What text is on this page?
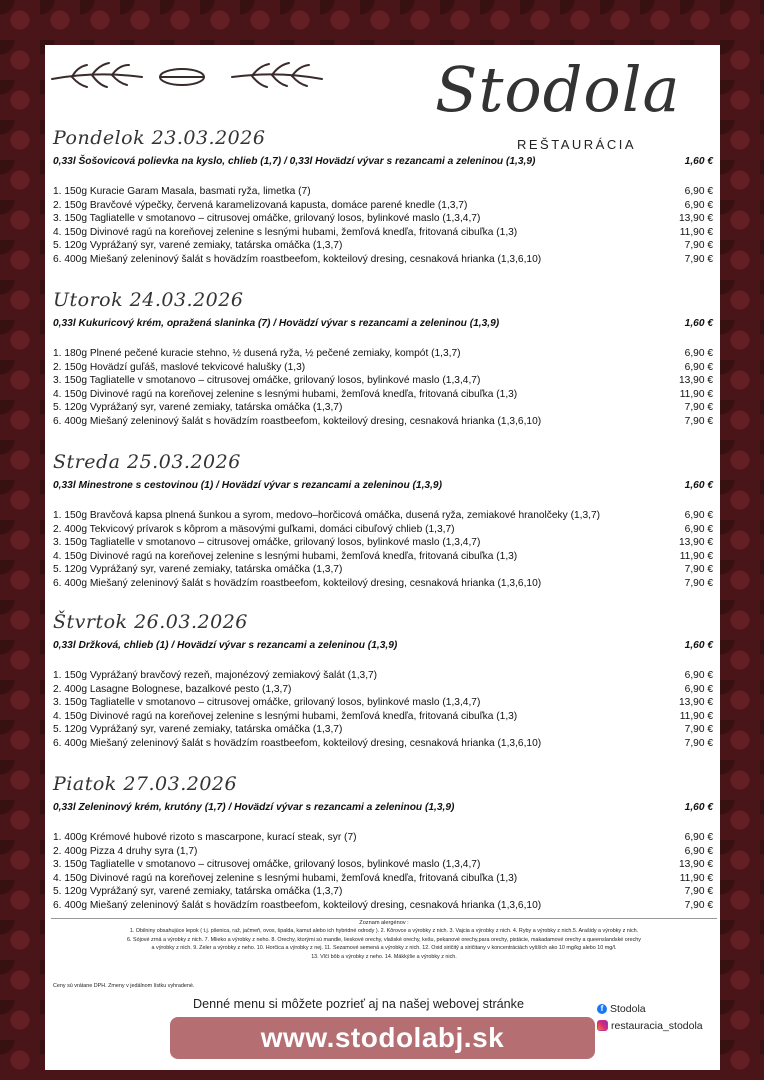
Stodola
REŠTAURÁCIA
Pondelok 23.03.2026
0,33l Šošovicová polievka na kyslo, chlieb (1,7) / 0,33l Hovädzí vývar s rezancami a zeleninou (1,3,9)	1,60 €
1. 150g Kuracie Garam Masala, basmati ryža, limetka (7)	6,90 €
2. 150g Bravčové výpečky, červená karamelizovaná kapusta, domáce parené knedle (1,3,7)	6,90 €
3. 150g Tagliatelle v smotanovo – citrusovej omáčke, grilovaný losos, bylinkové maslo (1,3,4,7)	13,90 €
4. 150g Divinové ragú na koreňovej zelenine s lesnými hubami, žemľová knedľa, fritovaná cibuľka (1,3)	11,90 €
5. 120g Vyprážaný syr, varené zemiaky, tatárska omáčka (1,3,7)	7,90 €
6. 400g Miešaný zeleninový šalát s hovädzím roastbeefom, kokteilový dresing, cesnaková hrianka (1,3,6,10)	7,90 €
Utorok 24.03.2026
0,33l Kukuricový krém, opražená slaninka (7) / Hovädzí vývar s rezancami a zeleninou (1,3,9)	1,60 €
1. 180g Plnené pečené kuracie stehno, ½ dusená ryža, ½ pečené zemiaky, kompót (1,3,7)	6,90 €
2. 150g Hovädzí guľáš, maslové tekvicové halušky (1,3)	6,90 €
3. 150g Tagliatelle v smotanovo – citrusovej omáčke, grilovaný losos, bylinkové maslo (1,3,4,7)	13,90 €
4. 150g Divinové ragú na koreňovej zelenine s lesnými hubami, žemľová knedľa, fritovaná cibuľka (1,3)	11,90 €
5. 120g Vyprážaný syr, varené zemiaky, tatárska omáčka (1,3,7)	7,90 €
6. 400g Miešaný zeleninový šalát s hovädzím roastbeefom, kokteilový dresing, cesnaková hrianka (1,3,6,10)	7,90 €
Streda 25.03.2026
0,33l Minestrone s cestovinou (1) / Hovädzí vývar s rezancami a zeleninou (1,3,9)	1,60 €
1. 150g Bravčová kapsa plnená šunkou a syrom, medovo–horčicová omáčka, dusená ryža, zemiakové hranolčeky (1,3,7)	6,90 €
2. 400g Tekvicový prívarok s kôprom a mäsovými guľkami, domáci cibuľový chlieb (1,3,7)	6,90 €
3. 150g Tagliatelle v smotanovo – citrusovej omáčke, grilovaný losos, bylinkové maslo (1,3,4,7)	13,90 €
4. 150g Divinové ragú na koreňovej zelenine s lesnými hubami, žemľová knedľa, fritovaná cibuľka (1,3)	11,90 €
5. 120g Vyprážaný syr, varené zemiaky, tatárska omáčka (1,3,7)	7,90 €
6. 400g Miešaný zeleninový šalát s hovädzím roastbeefom, kokteilový dresing, cesnaková hrianka (1,3,6,10)	7,90 €
Štvrtok 26.03.2026
0,33l Držková, chlieb (1) / Hovädzí vývar s rezancami a zeleninou (1,3,9)	1,60 €
1. 150g Vyprážaný bravčový rezeň, majonézový zemiakový šalát (1,3,7)	6,90 €
2. 400g Lasagne Bolognese, bazalkové pesto (1,3,7)	6,90 €
3. 150g Tagliatelle v smotanovo – citrusovej omáčke, grilovaný losos, bylinkové maslo (1,3,4,7)	13,90 €
4. 150g Divinové ragú na koreňovej zelenine s lesnými hubami, žemľová knedľa, fritovaná cibuľka (1,3)	11,90 €
5. 120g Vyprážaný syr, varené zemiaky, tatárska omáčka (1,3,7)	7,90 €
6. 400g Miešaný zeleninový šalát s hovädzím roastbeefom, kokteilový dresing, cesnaková hrianka (1,3,6,10)	7,90 €
Piatok 27.03.2026
0,33l Zeleninový krém, krutóny (1,7) / Hovädzí vývar s rezancami a zeleninou (1,3,9)	1,60 €
1. 400g Krémové hubové rizoto s mascarpone, kurací steak, syr (7)	6,90 €
2. 400g Pizza 4 druhy syra (1,7)	6,90 €
3. 150g Tagliatelle v smotanovo – citrusovej omáčke, grilovaný losos, bylinkové maslo (1,3,4,7)	13,90 €
4. 150g Divinové ragú na koreňovej zelenine s lesnými hubami, žemľová knedľa, fritovaná cibuľka (1,3)	11,90 €
5. 120g Vyprážaný syr, varené zemiaky, tatárska omáčka (1,3,7)	7,90 €
6. 400g Miešaný zeleninový šalát s hovädzím roastbeefom, kokteilový dresing, cesnaková hrianka (1,3,6,10)	7,90 €
Zoznam alergénov :
1. Obilniny obsahujúce lepok ( t.j. pšenica, raž, jačmeň, ovos, špalda, kamut alebo ich hybridné odrody ). 2. Kôrovce a výrobky z nich. 3. Vajcia a výrobky z nich. 4. Ryby a výrobky z nich.5. Arašidy a výrobky z nich.
6. Sójové zrná a výrobky z nich. 7. Mlieko a výrobky z neho. 8. Orechy, ktorými sú mandle, lieskové orechy, vlašské orechy, kešu, pekanové orechy,para orechy, pistácie, makadamové orechy a queenslandské orechy
a výrobky z nich. 9. Zeler a výrobky z neho. 10. Horčica a výrobky z nej. 11. Sezamové semená a výrobky z nich. 12. Oxid siričitý a siričitany v koncentráciách vyšších ako 10 mg/kg alebo 10 mg/l.
13. Vlčí bôb a výrobky z neho. 14. Mäkkýše a výrobky z nich.
Ceny sú vrátane DPH. Zmeny v jedálnom lístku vyhradené.
Denné menu si môžete pozrieť aj na našej webovej stránke
www.stodolabj.sk
f Stodola
restauracia_stodola
